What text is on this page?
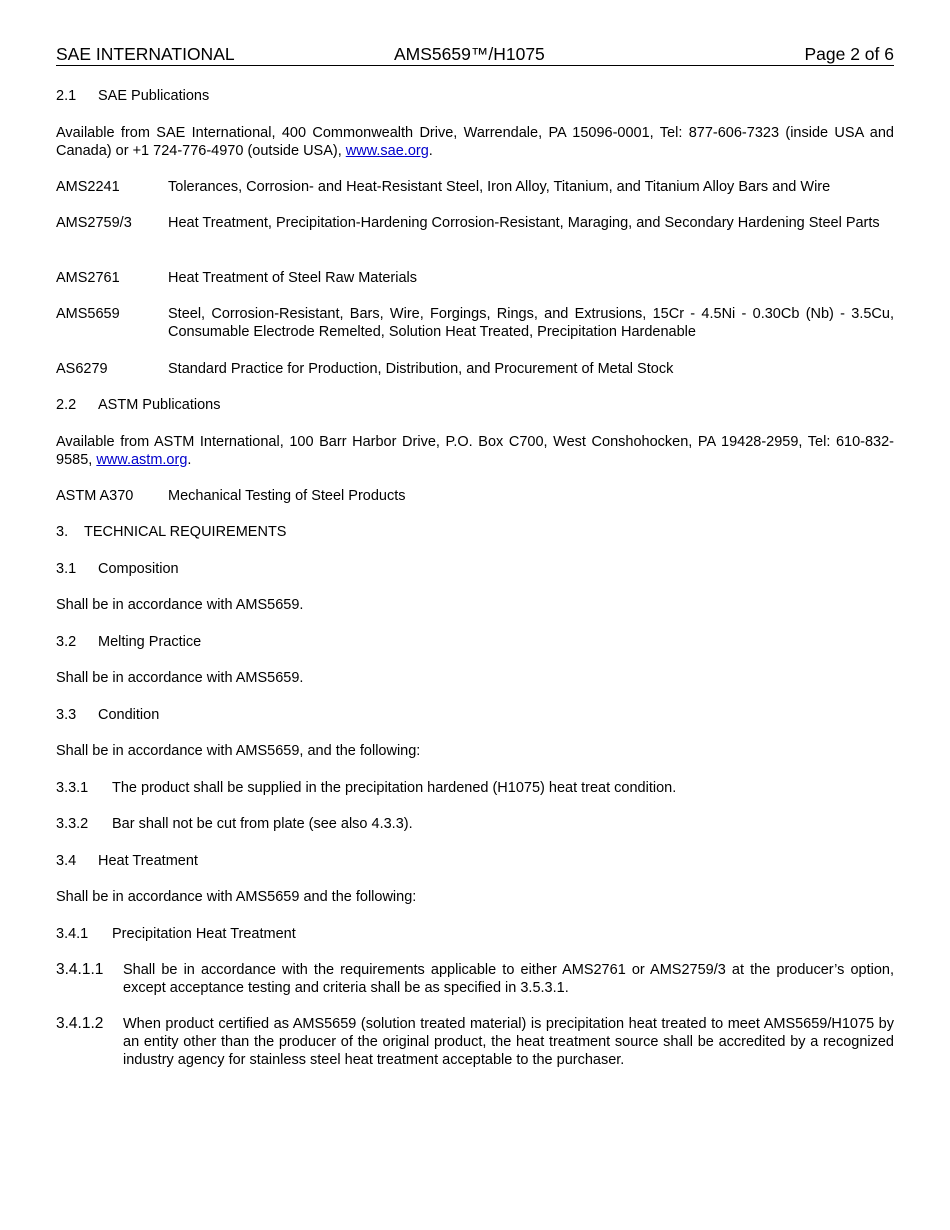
SAE INTERNATIONAL	AMS5659™/H1075	Page 2 of 6
2.1 SAE Publications
Available from SAE International, 400 Commonwealth Drive, Warrendale, PA 15096-0001, Tel: 877-606-7323 (inside USA and Canada) or +1 724-776-4970 (outside USA), www.sae.org.
AMS2241	Tolerances, Corrosion- and Heat-Resistant Steel, Iron Alloy, Titanium, and Titanium Alloy Bars and Wire
AMS2759/3 Heat Treatment, Precipitation-Hardening Corrosion-Resistant, Maraging, and Secondary Hardening Steel Parts
AMS2761	Heat Treatment of Steel Raw Materials
AMS5659	Steel, Corrosion-Resistant, Bars, Wire, Forgings, Rings, and Extrusions, 15Cr - 4.5Ni - 0.30Cb (Nb) - 3.5Cu, Consumable Electrode Remelted, Solution Heat Treated, Precipitation Hardenable
AS6279	Standard Practice for Production, Distribution, and Procurement of Metal Stock
2.2 ASTM Publications
Available from ASTM International, 100 Barr Harbor Drive, P.O. Box C700, West Conshohocken, PA 19428-2959, Tel: 610-832-9585, www.astm.org.
ASTM A370 Mechanical Testing of Steel Products
3. TECHNICAL REQUIREMENTS
3.1 Composition
Shall be in accordance with AMS5659.
3.2 Melting Practice
Shall be in accordance with AMS5659.
3.3 Condition
Shall be in accordance with AMS5659, and the following:
3.3.1 The product shall be supplied in the precipitation hardened (H1075) heat treat condition.
3.3.2 Bar shall not be cut from plate (see also 4.3.3).
3.4 Heat Treatment
Shall be in accordance with AMS5659 and the following:
3.4.1 Precipitation Heat Treatment
3.4.1.1 Shall be in accordance with the requirements applicable to either AMS2761 or AMS2759/3 at the producer’s option, except acceptance testing and criteria shall be as specified in 3.5.3.1.
3.4.1.2 When product certified as AMS5659 (solution treated material) is precipitation heat treated to meet AMS5659/H1075 by an entity other than the producer of the original product, the heat treatment source shall be accredited by a recognized industry agency for stainless steel heat treatment acceptable to the purchaser.
